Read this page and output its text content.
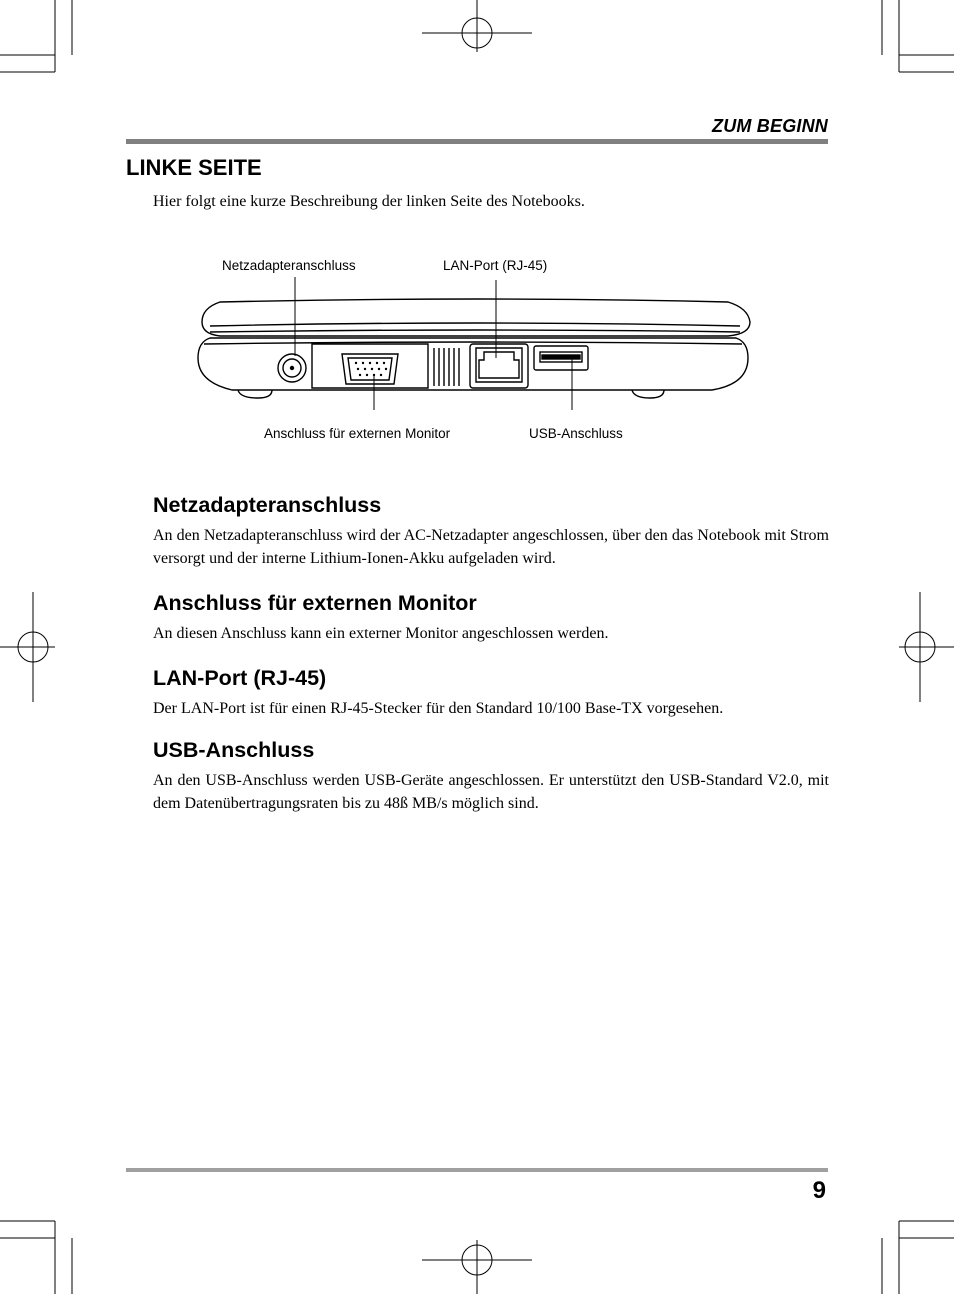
ZUM BEGINN
LINKE SEITE
Hier folgt eine kurze Beschreibung der linken Seite des Notebooks.
Netzadapteranschluss	LAN-Port (RJ-45)
Anschluss für externen Monitor	USB-Anschluss
Netzadapteranschluss

An den Netzadapteranschluss wird der AC-Netzadapter angeschlossen, über den das Notebook mit Strom versorgt und der interne Lithium-Ionen-Akku aufgeladen wird.

Anschluss für externen Monitor

An diesen Anschluss kann ein externer Monitor angeschlossen werden.

LAN-Port (RJ-45)

Der LAN-Port ist für einen RJ-45-Stecker für den Standard 10/100 Base-TX vorgesehen.

USB-Anschluss

An den USB-Anschluss werden USB-Geräte angeschlossen. Er unterstützt den USB-Standard V2.0, mit dem Datenübertragungsraten bis zu 48ß MB/s möglich sind.

9
